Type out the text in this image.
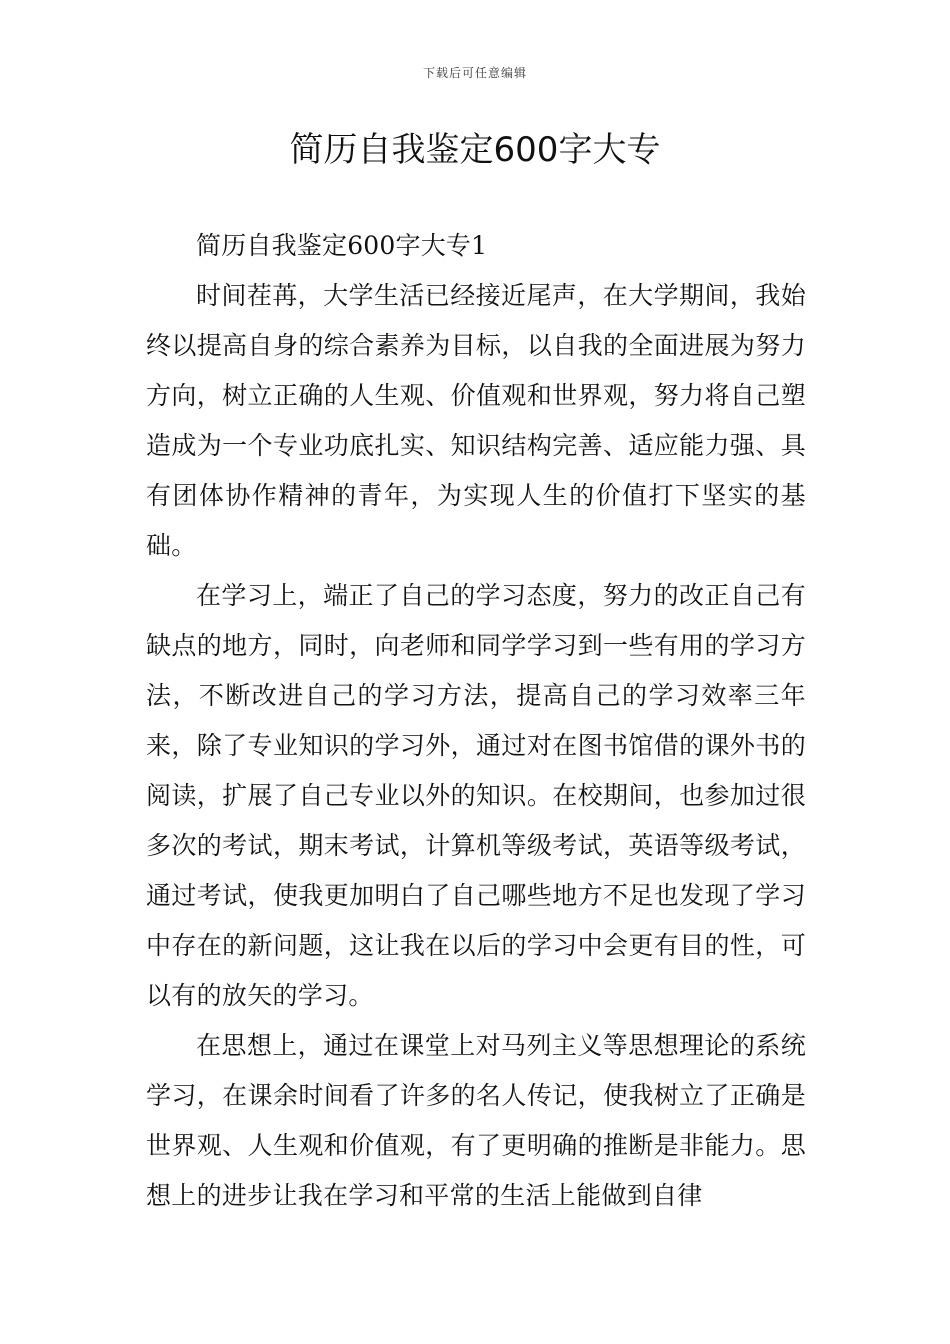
下载后可任意编辑
简历自我鉴定600字大专

简历自我鉴定600字大专1

时间茬苒，大学生活已经接近尾声，在大学期间，我始终以提高自身的综合素养为目标，以自我的全面进展为努力方向，树立正确的人生观、价值观和世界观，努力将自己塑造成为一个专业功底扎实、知识结构完善、适应能力强、具有团体协作精神的青年，为实现人生的价值打下坚实的基础。

在学习上，端正了自己的学习态度，努力的改正自己有缺点的地方，同时，向老师和同学学习到一些有用的学习方法，不断改进自己的学习方法，提高自己的学习效率三年来，除了专业知识的学习外，通过对在图书馆借的课外书的阅读，扩展了自己专业以外的知识。在校期间，也参加过很多次的考试，期末考试，计算机等级考试，英语等级考试，通过考试，使我更加明白了自己哪些地方不足也发现了学习中存在的新问题，这让我在以后的学习中会更有目的性，可以有的放矢的学习。

在思想上，通过在课堂上对马列主义等思想理论的系统学习，在课余时间看了许多的名人传记，使我树立了正确是世界观、人生观和价值观，有了更明确的推断是非能力。思想上的进步让我在学习和平常的生活上能做到自律
